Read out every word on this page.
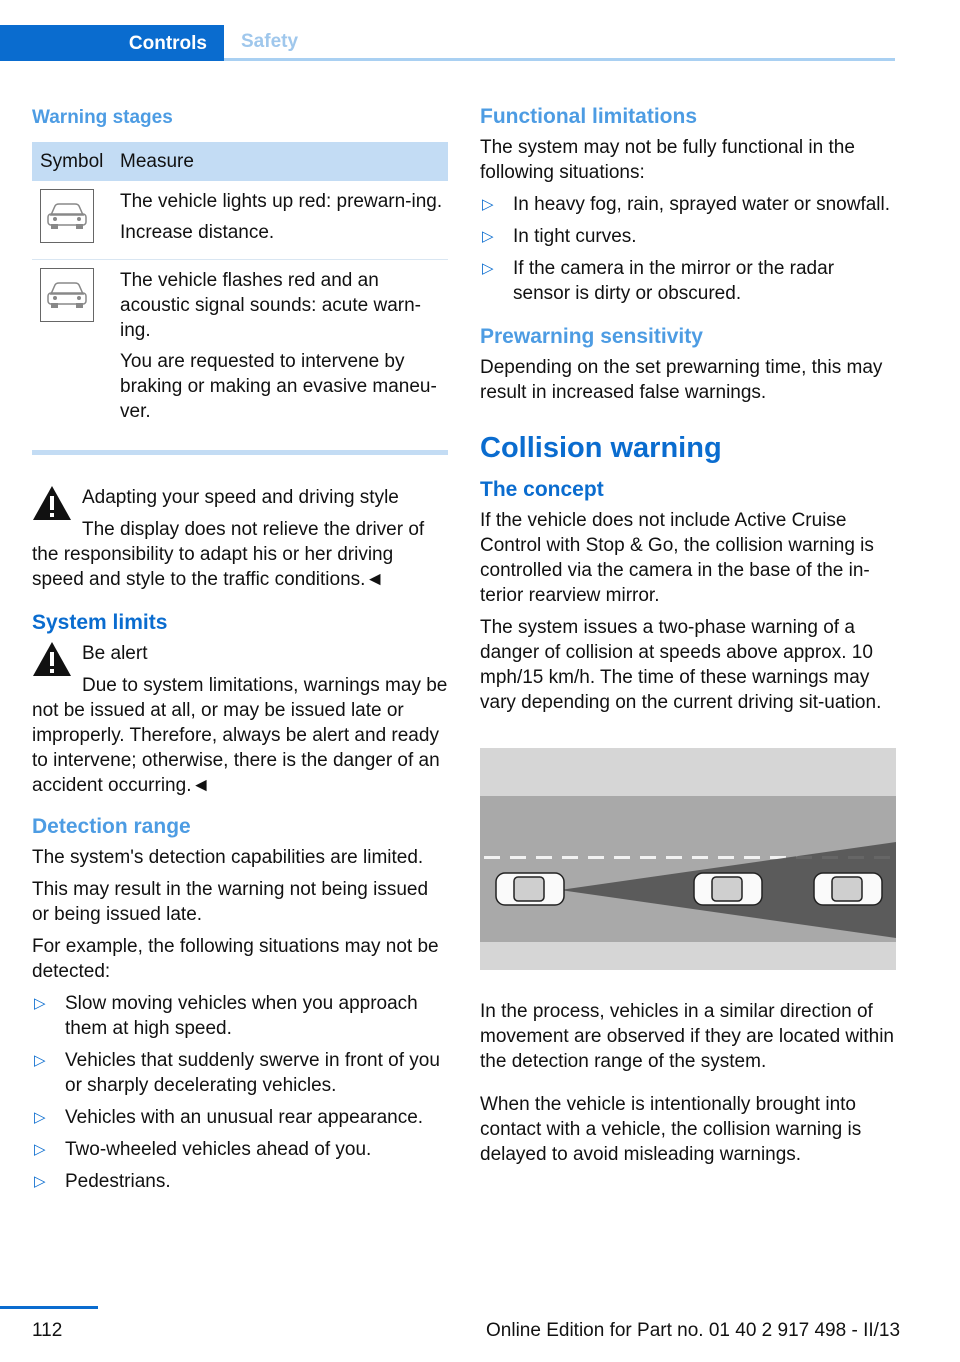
Controls	Safety
Warning stages
Symbol	Measure

The vehicle lights up red: prewarn-ing.

Increase distance.

The vehicle flashes red and an acoustic signal sounds: acute warn-ing.

You are requested to intervene by braking or making an evasive maneu-ver.

Adapting your speed and driving style

The display does not relieve the driver of the responsibility to adapt his or her driving speed and style to the traffic conditions.◄

System limits

Be alert

Due to system limitations, warnings may be not be issued at all, or may be issued late or improperly. Therefore, always be alert and ready to intervene; otherwise, there is the danger of an accident occurring.◄

Detection range

The system's detection capabilities are limited.

This may result in the warning not being issued or being issued late.

For example, the following situations may not be detected:

▷ Slow moving vehicles when you approach them at high speed.
▷ Vehicles that suddenly swerve in front of you or sharply decelerating vehicles.
▷ Vehicles with an unusual rear appearance.
▷ Two-wheeled vehicles ahead of you.
▷ Pedestrians.
Functional limitations

The system may not be fully functional in the following situations:

▷ In heavy fog, rain, sprayed water or snowfall.
▷ In tight curves.
▷ If the camera in the mirror or the radar sensor is dirty or obscured.
Prewarning sensitivity

Depending on the set prewarning time, this may result in increased false warnings.

Collision warning
The concept

If the vehicle does not include Active Cruise Control with Stop & Go, the collision warning is controlled via the camera in the base of the in-terior rearview mirror.

The system issues a two-phase warning of a danger of collision at speeds above approx. 10 mph/15 km/h. The time of these warnings may vary depending on the current driving sit-uation.

In the process, vehicles in a similar direction of movement are observed if they are located within the detection range of the system.

When the vehicle is intentionally brought into contact with a vehicle, the collision warning is delayed to avoid misleading warnings.

112	Online Edition for Part no. 01 40 2 917 498 - II/13
